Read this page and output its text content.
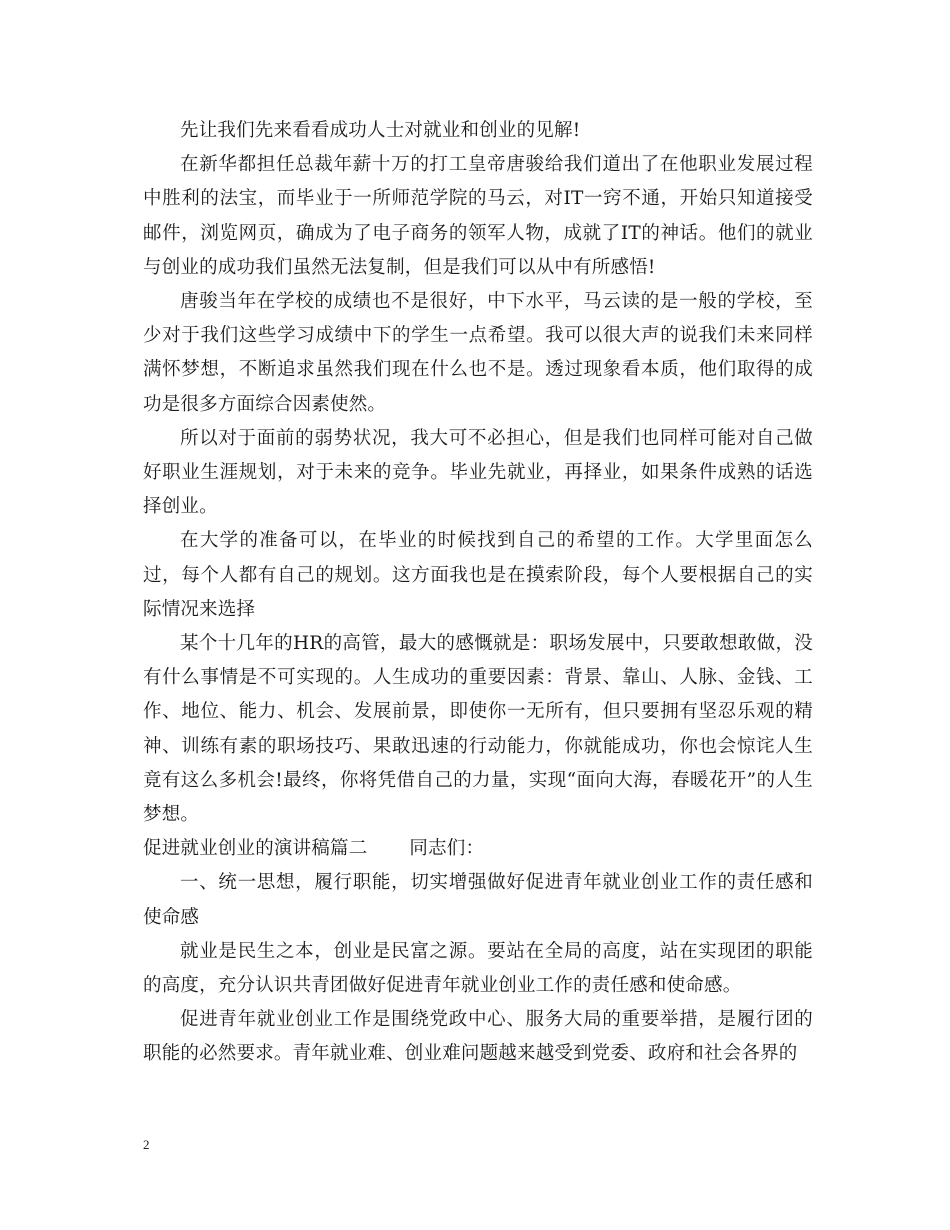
先让我们先来看看成功人士对就业和创业的见解!

在新华都担任总裁年薪十万的打工皇帝唐骏给我们道出了在他职业发展过程中胜利的法宝，而毕业于一所师范学院的马云，对IT一窍不通，开始只知道接受邮件，浏览网页，确成为了电子商务的领军人物，成就了IT的神话。他们的就业与创业的成功我们虽然无法复制，但是我们可以从中有所感悟!

唐骏当年在学校的成绩也不是很好，中下水平，马云读的是一般的学校，至少对于我们这些学习成绩中下的学生一点希望。我可以很大声的说我们未来同样满怀梦想，不断追求虽然我们现在什么也不是。透过现象看本质，他们取得的成功是很多方面综合因素使然。

所以对于面前的弱势状况，我大可不必担心，但是我们也同样可能对自己做好职业生涯规划，对于未来的竞争。毕业先就业，再择业，如果条件成熟的话选择创业。

在大学的准备可以，在毕业的时候找到自己的希望的工作。大学里面怎么过，每个人都有自己的规划。这方面我也是在摸索阶段，每个人要根据自己的实际情况来选择

某个十几年的HR的高管，最大的感慨就是：职场发展中，只要敢想敢做，没有什么事情是不可实现的。人生成功的重要因素：背景、靠山、人脉、金钱、工作、地位、能力、机会、发展前景，即使你一无所有，但只要拥有坚忍乐观的精神、训练有素的职场技巧、果敢迅速的行动能力，你就能成功，你也会惊诧人生竟有这么多机会!最终，你将凭借自己的力量，实现“面向大海，春暖花开”的人生梦想。

促进就业创业的演讲稿篇二 同志们：

一、统一思想，履行职能，切实增强做好促进青年就业创业工作的责任感和使命感

就业是民生之本，创业是民富之源。要站在全局的高度，站在实现团的职能的高度，充分认识共青团做好促进青年就业创业工作的责任感和使命感。

促进青年就业创业工作是围绕党政中心、服务大局的重要举措，是履行团的职能的必然要求。青年就业难、创业难问题越来越受到党委、政府和社会各界的

2
